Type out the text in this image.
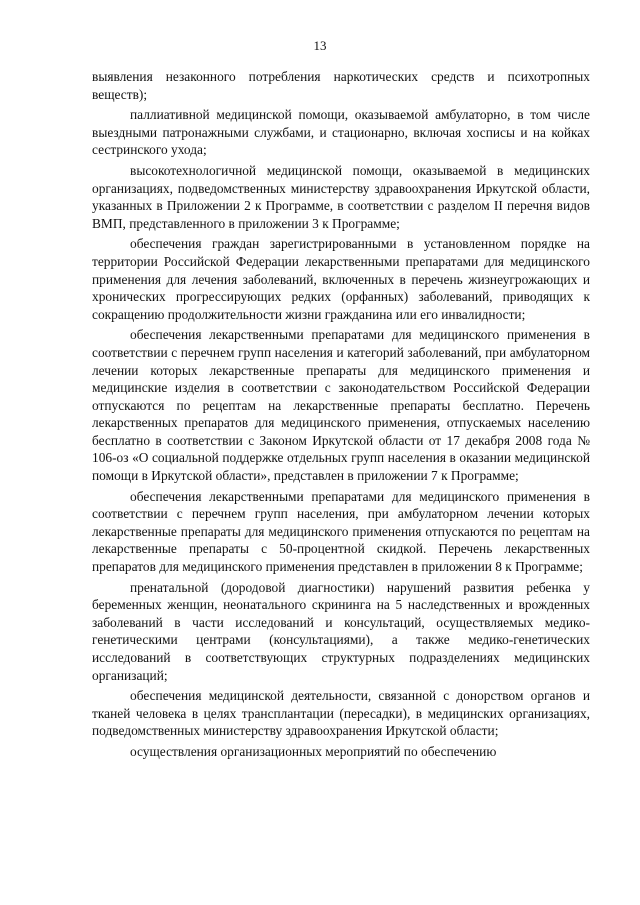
13

выявления незаконного потребления наркотических средств и психотропных веществ);

паллиативной медицинской помощи, оказываемой амбулаторно, в том числе выездными патронажными службами, и стационарно, включая хосписы и на койках сестринского ухода;

высокотехнологичной медицинской помощи, оказываемой в медицинских организациях, подведомственных министерству здравоохранения Иркутской области, указанных в Приложении 2 к Программе, в соответствии с разделом II перечня видов ВМП, представленного в приложении 3 к Программе;

обеспечения граждан зарегистрированными в установленном порядке на территории Российской Федерации лекарственными препаратами для медицинского применения для лечения заболеваний, включенных в перечень жизнеугрожающих и хронических прогрессирующих редких (орфанных) заболеваний, приводящих к сокращению продолжительности жизни гражданина или его инвалидности;

обеспечения лекарственными препаратами для медицинского применения в соответствии с перечнем групп населения и категорий заболеваний, при амбулаторном лечении которых лекарственные препараты для медицинского применения и медицинские изделия в соответствии с законодательством Российской Федерации отпускаются по рецептам на лекарственные препараты бесплатно. Перечень лекарственных препаратов для медицинского применения, отпускаемых населению бесплатно в соответствии с Законом Иркутской области от 17 декабря 2008 года № 106-оз «О социальной поддержке отдельных групп населения в оказании медицинской помощи в Иркутской области», представлен в приложении 7 к Программе;

обеспечения лекарственными препаратами для медицинского применения в соответствии с перечнем групп населения, при амбулаторном лечении которых лекарственные препараты для медицинского применения отпускаются по рецептам на лекарственные препараты с 50-процентной скидкой. Перечень лекарственных препаратов для медицинского применения представлен в приложении 8 к Программе;

пренатальной (дородовой диагностики) нарушений развития ребенка у беременных женщин, неонатального скрининга на 5 наследственных и врожденных заболеваний в части исследований и консультаций, осуществляемых медико-генетическими центрами (консультациями), а также медико-генетических исследований в соответствующих структурных подразделениях медицинских организаций;

обеспечения медицинской деятельности, связанной с донорством органов и тканей человека в целях трансплантации (пересадки), в медицинских организациях, подведомственных министерству здравоохранения Иркутской области;

осуществления организационных мероприятий по обеспечению
